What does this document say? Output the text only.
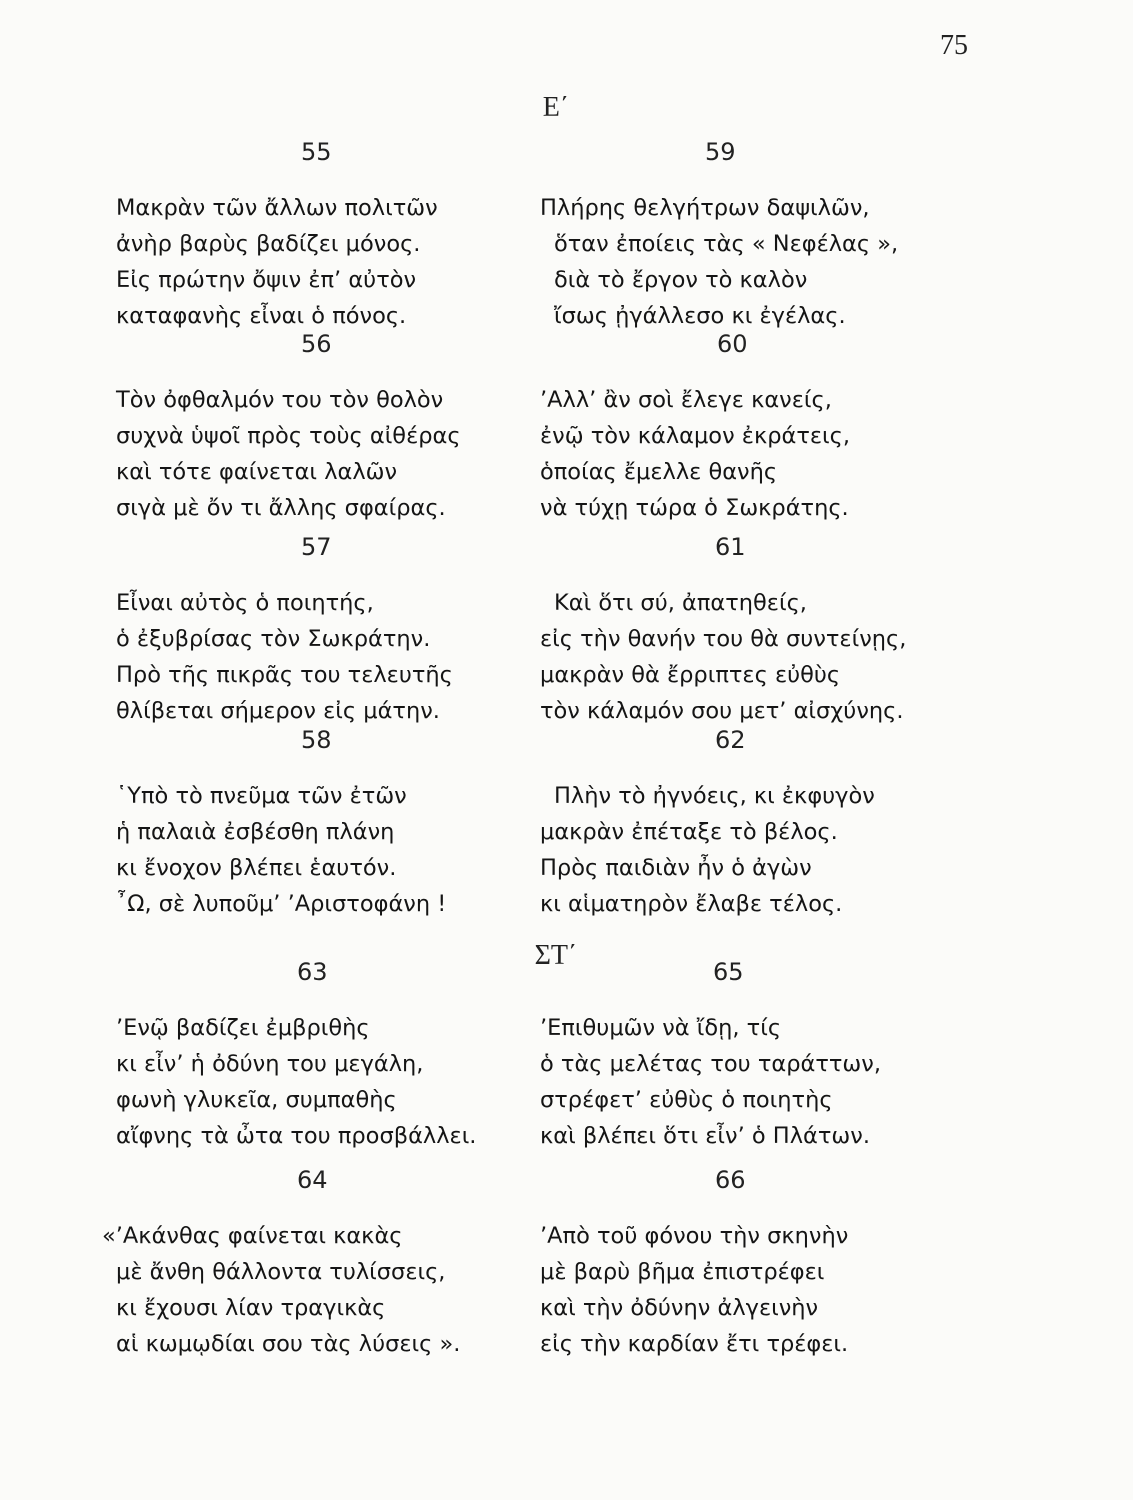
75
Ε΄
ΣΤ΄
55
Μακρὰν τῶν ἄλλων πολιτῶν
ἀνὴρ βαρὺς βαδίζει μόνος.
Εἰς πρώτην ὄψιν ἐπ’ αὐτὸν
καταφανὴς εἶναι ὁ πόνος.
59
Πλήρης θελγήτρων δαψιλῶν,
ὅταν ἐποίεις τὰς « Νεφέλας »,
διὰ τὸ ἔργον τὸ καλὸν
ἴσως ᾐγάλλεσο κι ἐγέλας.
56
Τὸν ὀφθαλμόν του τὸν θολὸν
συχνὰ ὑψοῖ πρὸς τοὺς αἰθέρας
καὶ τότε φαίνεται λαλῶν
σιγὰ μὲ ὄν τι ἄλλης σφαίρας.
60
’Αλλ’ ἂν σοὶ ἔλεγε κανείς,
ἐνῷ τὸν κάλαμον ἐκράτεις,
ὁποίας ἔμελλε θανῆς
νὰ τύχῃ τώρα ὁ Σωκράτης.
57
Εἶναι αὐτὸς ὁ ποιητής,
ὁ ἐξυβρίσας τὸν Σωκράτην.
Πρὸ τῆς πικρᾶς του τελευτῆς
θλίβεται σήμερον εἰς μάτην.
61
Καὶ ὅτι σύ, ἀπατηθείς,
εἰς τὴν θανήν του θὰ συντείνῃς,
μακρὰν θὰ ἔρριπτες εὐθὺς
τὸν κάλαμόν σου μετ’ αἰσχύνης.
58
῾Υπὸ τὸ πνεῦμα τῶν ἐτῶν
ἡ παλαιὰ ἐσβέσθη πλάνη
κι ἔνοχον βλέπει ἑαυτόν.
῏Ω, σὲ λυποῦμ’ ’Αριστοφάνη !
62
Πλὴν τὸ ἠγνόεις, κι ἐκφυγὸν
μακρὰν ἐπέταξε τὸ βέλος.
Πρὸς παιδιὰν ἦν ὁ ἀγὼν
κι αἱματηρὸν ἔλαβε τέλος.
63
’Ενῷ βαδίζει ἐμβριθὴς
κι εἶν’ ἡ ὀδύνη του μεγάλη,
φωνὴ γλυκεῖα, συμπαθὴς
αἴφνης τὰ ὦτα του προσβάλλει.
65
’Επιθυμῶν νὰ ἴδῃ, τίς
ὁ τὰς μελέτας του ταράττων,
στρέφετ’ εὐθὺς ὁ ποιητὴς
καὶ βλέπει ὅτι εἶν’ ὁ Πλάτων.
64
«’Ακάνθας φαίνεται κακὰς
μὲ ἄνθη θάλλοντα τυλίσσεις,
κι ἔχουσι λίαν τραγικὰς
αἱ κωμῳδίαι σου τὰς λύσεις ».
66
’Απὸ τοῦ φόνου τὴν σκηνὴν
μὲ βαρὺ βῆμα ἐπιστρέφει
καὶ τὴν ὀδύνην ἀλγεινὴν
εἰς τὴν καρδίαν ἔτι τρέφει.
